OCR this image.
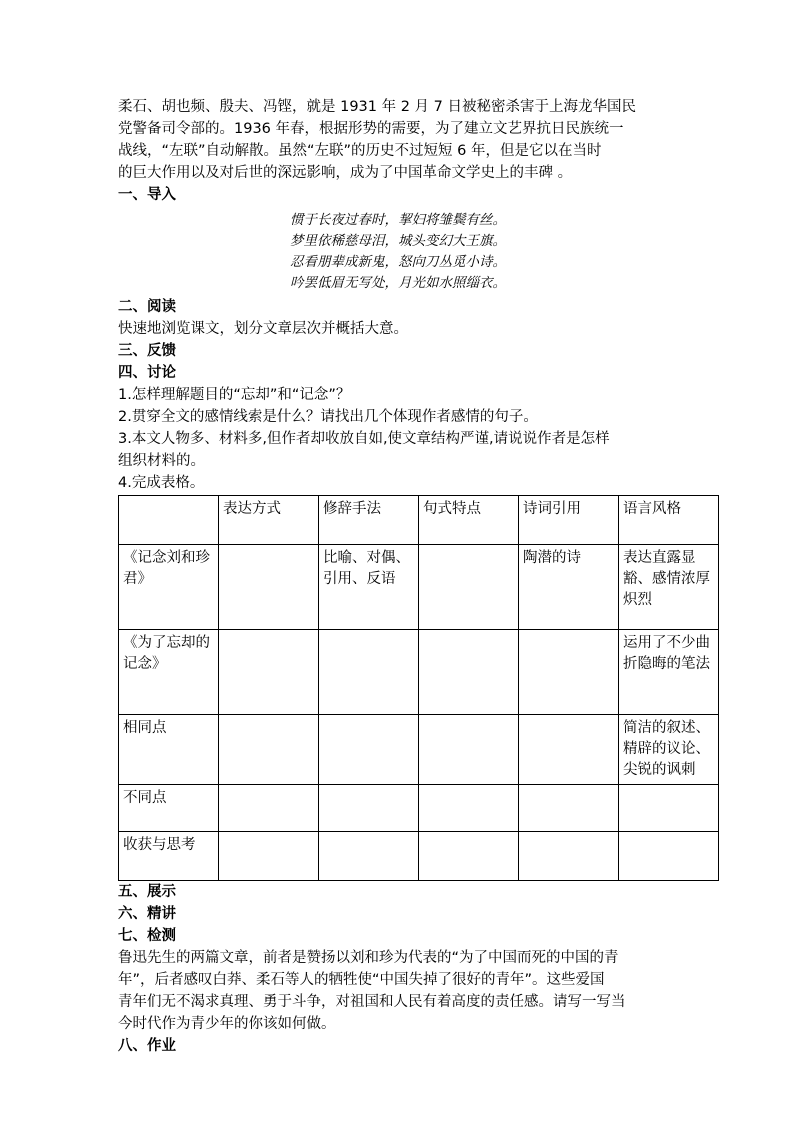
柔石、胡也频、殷夫、冯铿，就是 1931 年 2 月 7 日被秘密杀害于上海龙华国民
党警备司令部的。1936 年春，根据形势的需要，为了建立文艺界抗日民族统一
战线，“左联”自动解散。虽然“左联”的历史不过短短 6 年，但是它以在当时
的巨大作用以及对后世的深远影响，成为了中国革命文学史上的丰碑 。
一、导入
惯于长夜过春时，挈妇将雏鬓有丝。
梦里依稀慈母泪，城头变幻大王旗。
忍看朋辈成新鬼，怒向刀丛觅小诗。
吟罢低眉无写处，月光如水照缁衣。
二、阅读
快速地浏览课文，划分文章层次并概括大意。
三、反馈
四、讨论
1.怎样理解题目的“忘却”和“记念”？
2.贯穿全文的感情线索是什么？请找出几个体现作者感情的句子。
3.本文人物多、材料多,但作者却收放自如,使文章结构严谨,请说说作者是怎样
组织材料的。
4.完成表格。
	表达方式	修辞手法	句式特点	诗词引用	语言风格
《记念刘和珍君》		比喻、对偶、引用、反语		陶潜的诗	表达直露显豁、感情浓厚炽烈
《为了忘却的记念》					运用了不少曲折隐晦的笔法
相同点					简洁的叙述、精辟的议论、尖锐的讽刺
不同点					
收获与思考					
五、展示
六、精讲
七、检测
鲁迅先生的两篇文章，前者是赞扬以刘和珍为代表的“为了中国而死的中国的青
年”，后者感叹白莽、柔石等人的牺牲使“中国失掉了很好的青年”。这些爱国
青年们无不渴求真理、勇于斗争，对祖国和人民有着高度的责任感。请写一写当
今时代作为青少年的你该如何做。
八、作业
